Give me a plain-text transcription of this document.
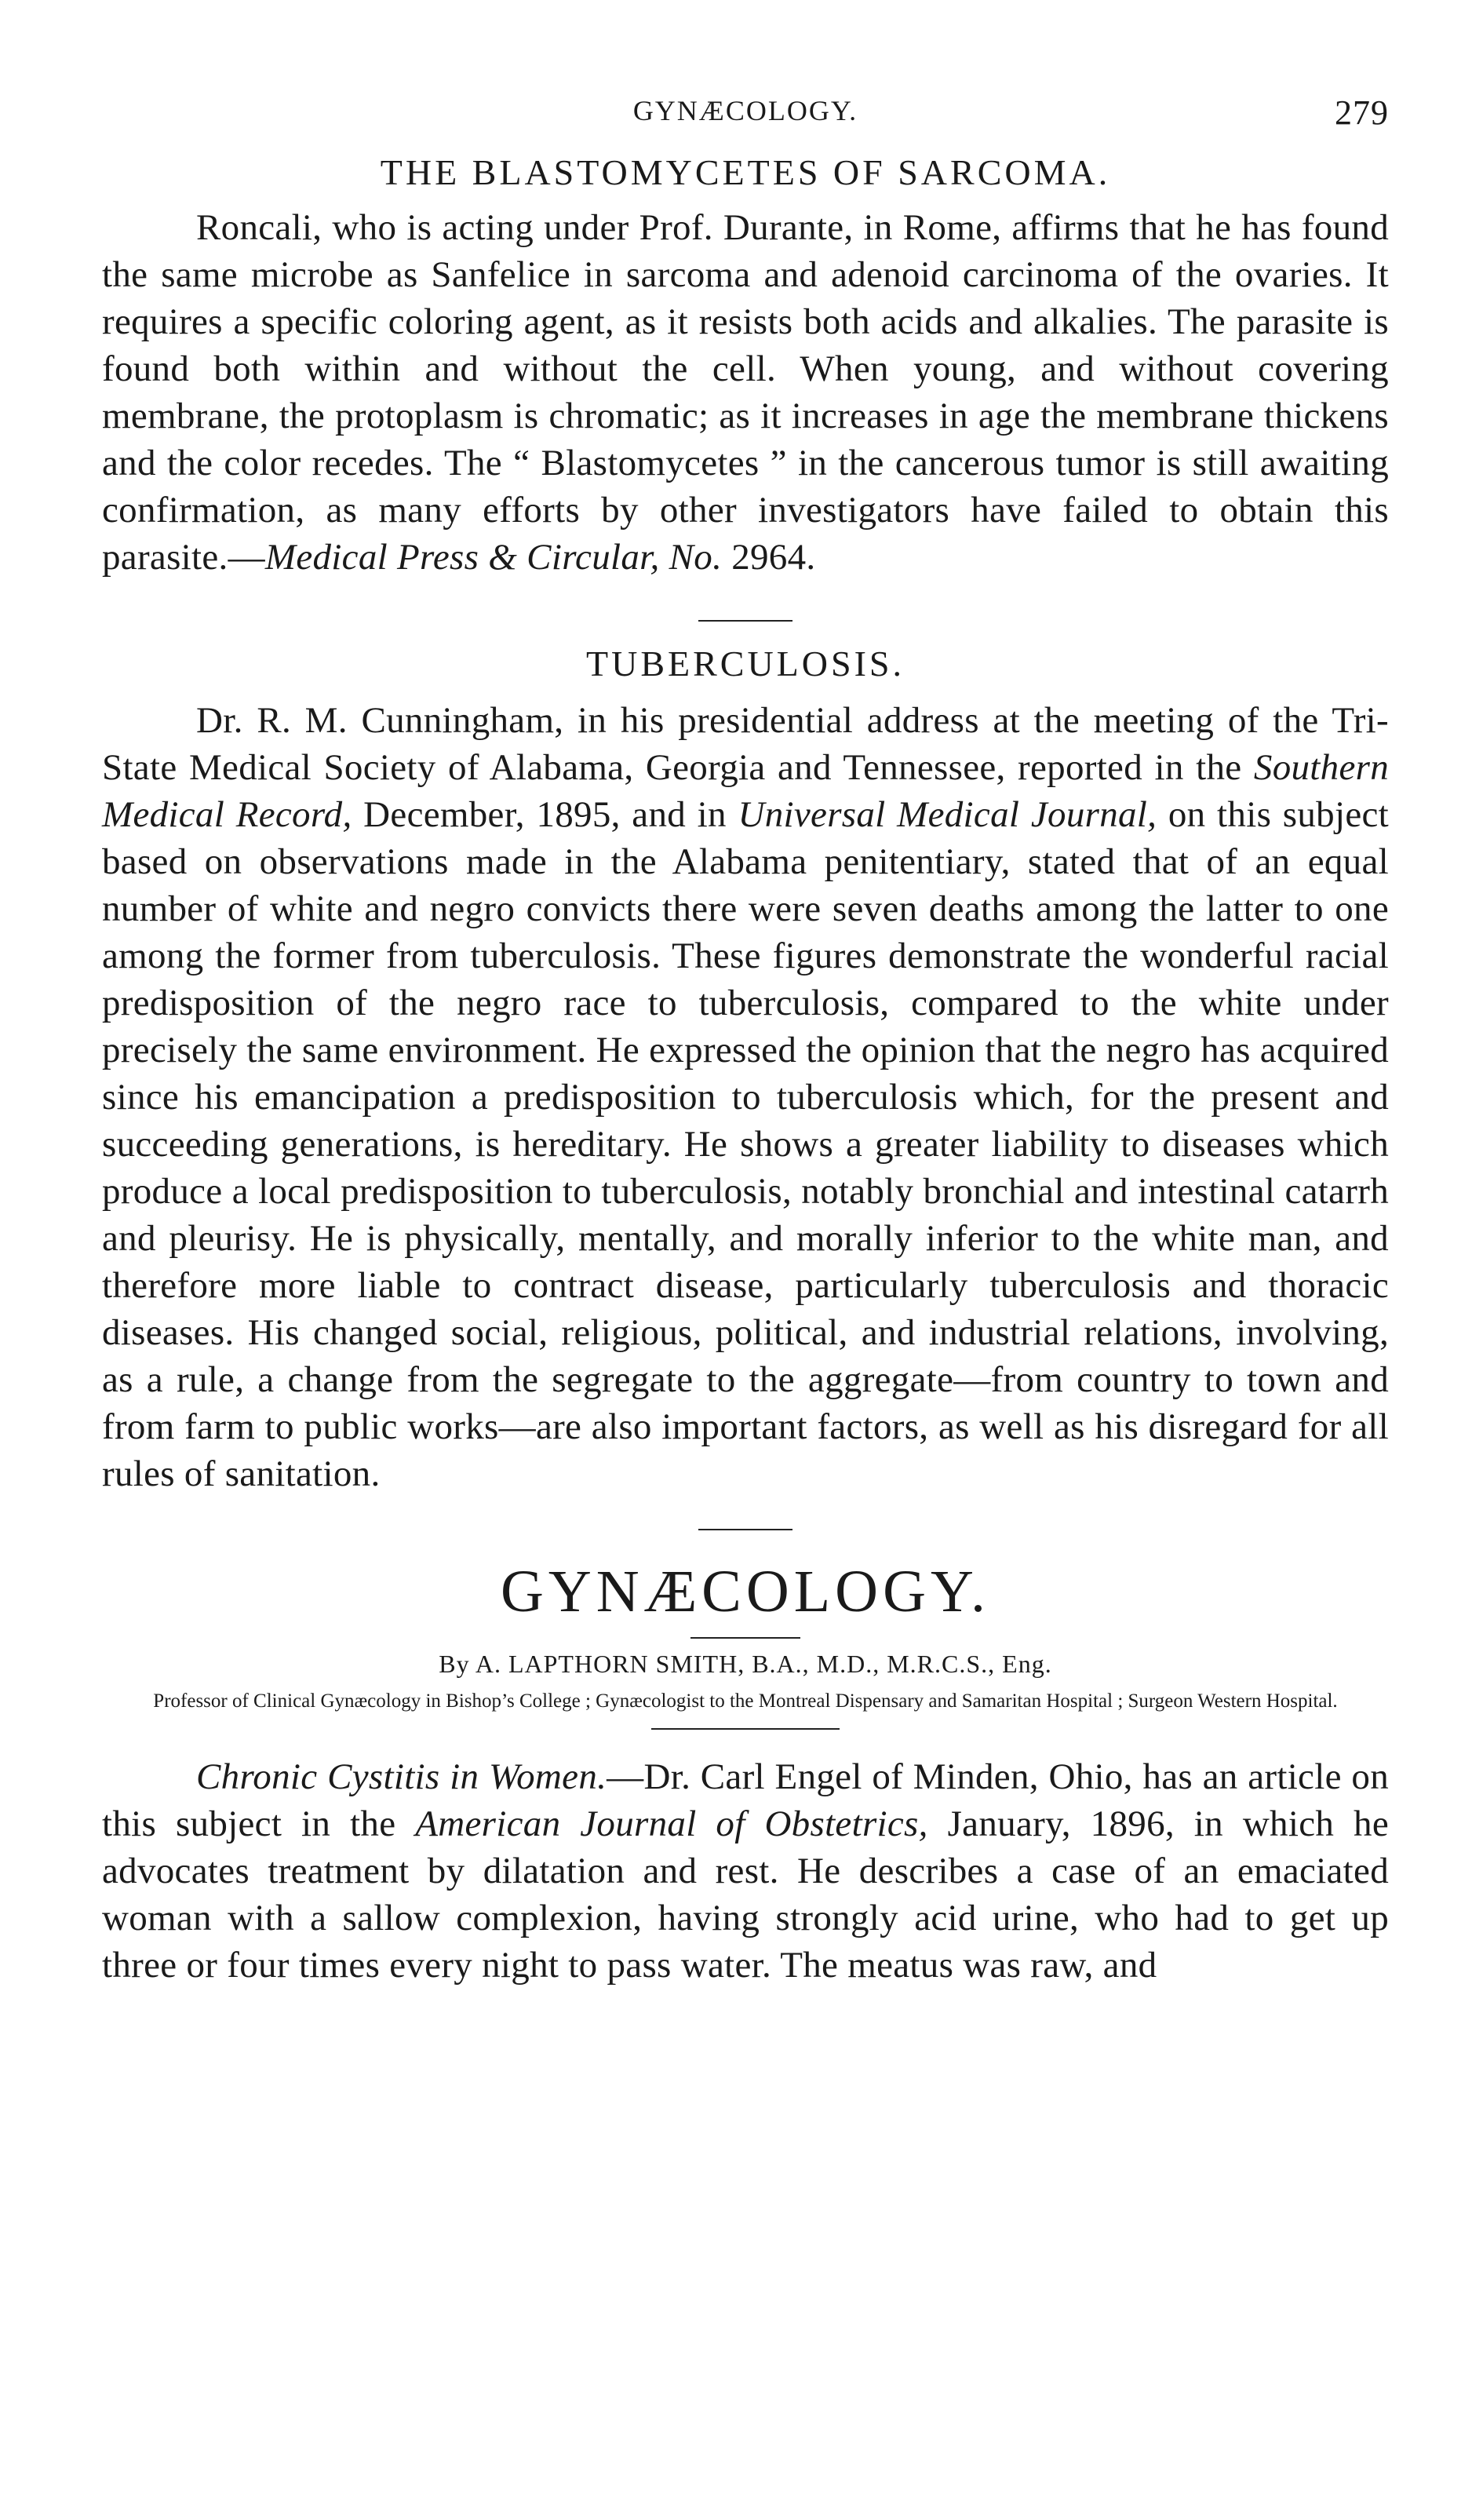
GYNÆCOLOGY.	279
THE BLASTOMYCETES OF SARCOMA.

Roncali, who is acting under Prof. Durante, in Rome, affirms that he has found the same microbe as Sanfelice in sarcoma and adenoid carcinoma of the ovaries. It requires a specific coloring agent, as it resists both acids and alkalies. The parasite is found both within and without the cell. When young, and without covering membrane, the protoplasm is chromatic; as it increases in age the membrane thickens and the color recedes. The “ Blastomycetes ” in the cancerous tumor is still awaiting confirmation, as many efforts by other investigators have failed to obtain this parasite.—Medical Press & Circular, No. 2964.

TUBERCULOSIS.

Dr. R. M. Cunningham, in his presidential address at the meeting of the Tri-State Medical Society of Alabama, Georgia and Tennessee, reported in the Southern Medical Record, December, 1895, and in Universal Medical Journal, on this subject based on observations made in the Alabama penitentiary, stated that of an equal number of white and negro convicts there were seven deaths among the latter to one among the former from tuberculosis. These figures demonstrate the wonderful racial predisposition of the negro race to tuberculosis, compared to the white under precisely the same environment. He expressed the opinion that the negro has acquired since his emancipation a predisposition to tuberculosis which, for the present and succeeding generations, is hereditary. He shows a greater liability to diseases which produce a local predisposition to tuberculosis, notably bronchial and intestinal catarrh and pleurisy. He is physically, mentally, and morally inferior to the white man, and therefore more liable to contract disease, particularly tuberculosis and thoracic diseases. His changed social, religious, political, and industrial relations, involving, as a rule, a change from the segregate to the aggregate—from country to town and from farm to public works—are also important factors, as well as his disregard for all rules of sanitation.

GYNÆCOLOGY.
By A. LAPTHORN SMITH, B.A., M.D., M.R.C.S., Eng.
Professor of Clinical Gynæcology in Bishop’s College ; Gynæcologist to the Montreal Dispensary and Samaritan Hospital ; Surgeon Western Hospital.

Chronic Cystitis in Women.—Dr. Carl Engel of Minden, Ohio, has an article on this subject in the American Journal of Obstetrics, January, 1896, in which he advocates treatment by dilatation and rest. He describes a case of an emaciated woman with a sallow complexion, having strongly acid urine, who had to get up three or four times every night to pass water. The meatus was raw, and
